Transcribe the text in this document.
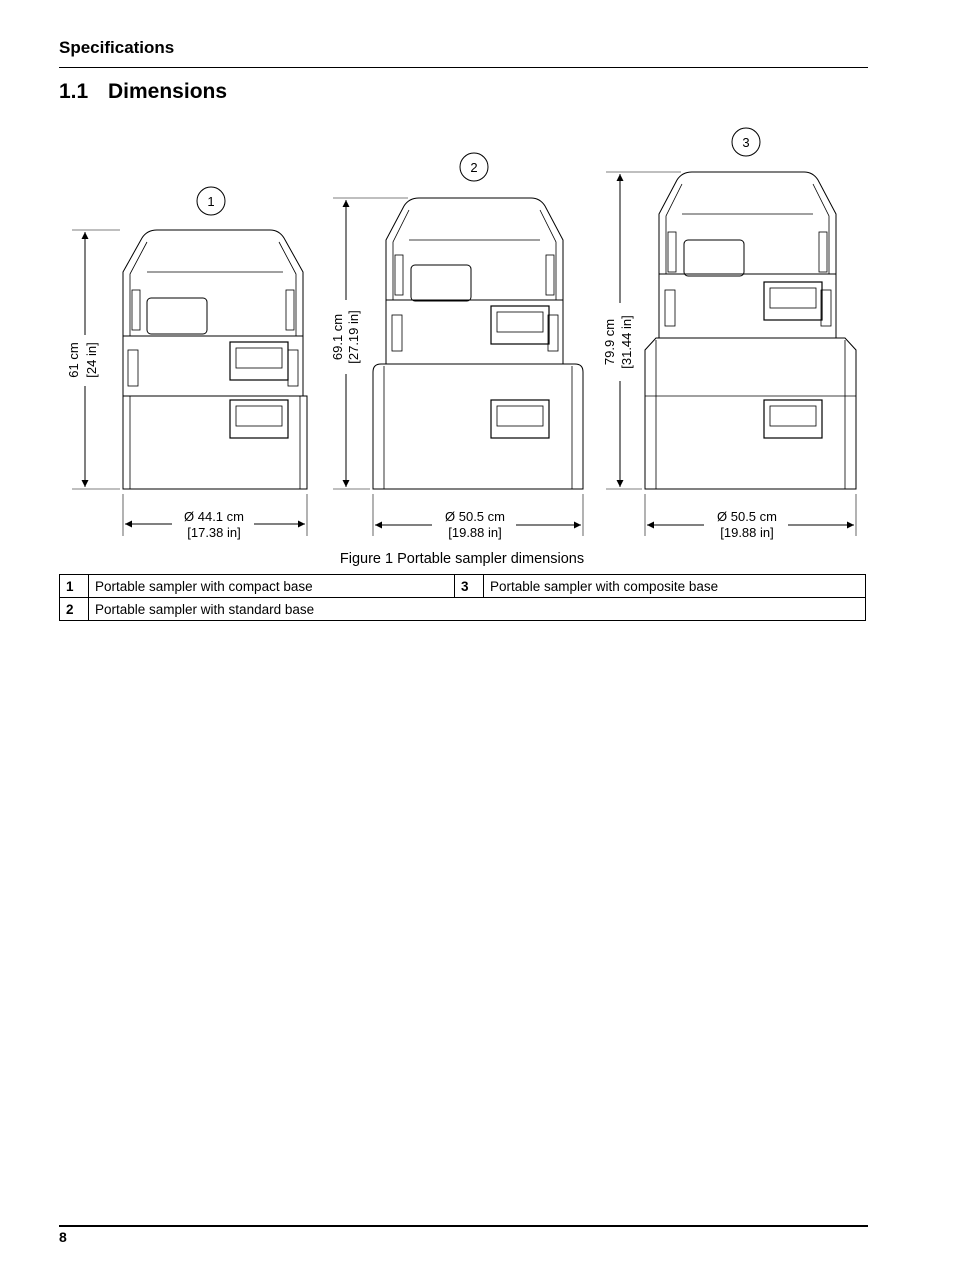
Specifications
1.1 Dimensions
1
61 cm [24 in]
Ø 44.1 cm
[17.38 in]
2
69.1 cm [27.19 in]
Ø 50.5 cm
[19.88 in]
3
79.9 cm [31.44 in]
Ø 50.5 cm
[19.88 in]
Figure 1 Portable sampler dimensions
1	Portable sampler with compact base	3	Portable sampler with composite base
2	Portable sampler with standard base		
8
